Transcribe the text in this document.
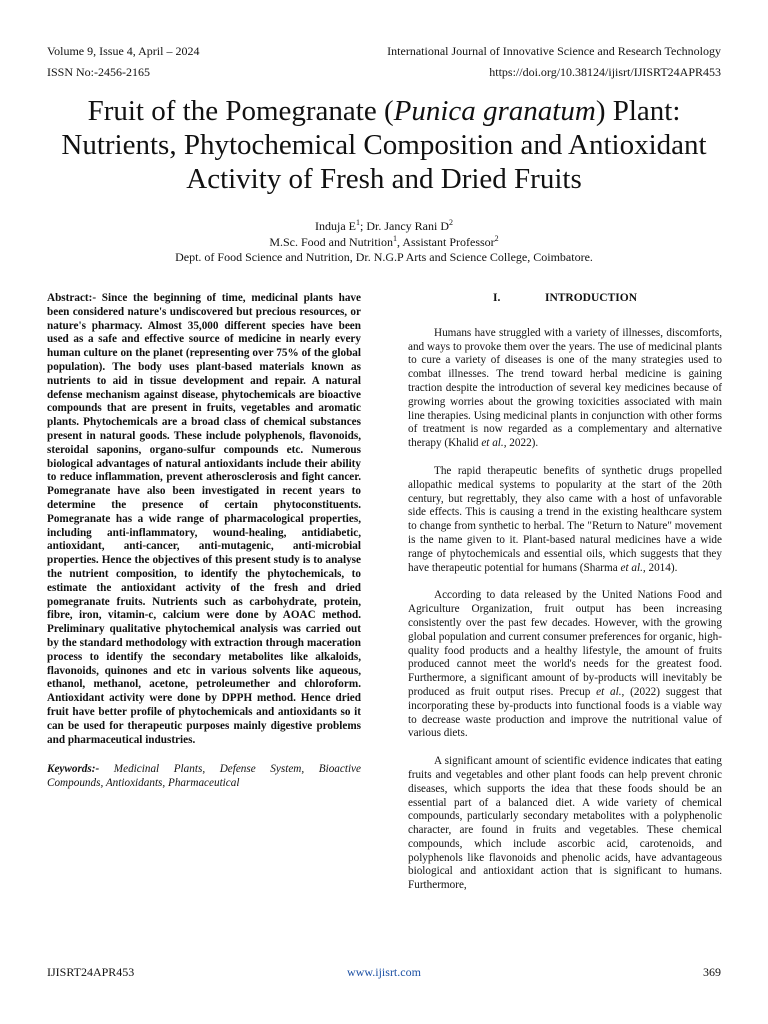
Volume 9, Issue 4, April – 2024	International Journal of Innovative Science and Research Technology
ISSN No:-2456-2165	https://doi.org/10.38124/ijisrt/IJISRT24APR453
Fruit of the Pomegranate (Punica granatum) Plant: Nutrients, Phytochemical Composition and Antioxidant Activity of Fresh and Dried Fruits
Induja $E^1$; Dr. Jancy Rani $D^2$
M.Sc. Food and Nutrition$^1$, Assistant Professor$^2$
Dept. of Food Science and Nutrition, Dr. N.G.P Arts and Science College, Coimbatore.

Abstract:- Since the beginning of time, medicinal plants have been considered nature's undiscovered but precious resources, or nature's pharmacy. Almost 35,000 different species have been used as a safe and effective source of medicine in nearly every human culture on the planet (representing over 75% of the global population). The body uses plant-based materials known as nutrients to aid in tissue development and repair. A natural defense mechanism against disease, phytochemicals are bioactive compounds that are present in fruits, vegetables and aromatic plants. Phytochemicals are a broad class of chemical substances present in natural goods. These include polyphenols, flavonoids, steroidal saponins, organo-sulfur compounds etc. Numerous biological advantages of natural antioxidants include their ability to reduce inflammation, prevent atherosclerosis and fight cancer. Pomegranate have also been investigated in recent years to determine the presence of certain phytoconstituents. Pomegranate has a wide range of pharmacological properties, including anti-inflammatory, wound-healing, antidiabetic, antioxidant, anti-cancer, anti-mutagenic, anti-microbial properties. Hence the objectives of this present study is to analyse the nutrient composition, to identify the phytochemicals, to estimate the antioxidant activity of the fresh and dried pomegranate fruits. Nutrients such as carbohydrate, protein, fibre, iron, vitamin-c, calcium were done by AOAC method. Preliminary qualitative phytochemical analysis was carried out by the standard methodology with extraction through maceration process to identify the secondary metabolites like alkaloids, flavonoids, quinones and etc in various solvents like aqueous, ethanol, methanol, acetone, petroleumether and chloroform. Antioxidant activity were done by DPPH method. Hence dried fruit have better profile of phytochemicals and antioxidants so it can be used for therapeutic purposes mainly digestive problems and pharmaceutical industries.

Keywords:- Medicinal Plants, Defense System, Bioactive Compounds, Antioxidants, Pharmaceutical

I.	INTRODUCTION

Humans have struggled with a variety of illnesses, discomforts, and ways to provoke them over the years. The use of medicinal plants to cure a variety of diseases is one of the many strategies used to combat illnesses. The trend toward herbal medicine is gaining traction despite the introduction of several key medicines because of growing worries about the growing toxicities associated with main line therapies. Using medicinal plants in conjunction with other forms of treatment is now regarded as a complementary and alternative therapy (Khalid et al., 2022).

The rapid therapeutic benefits of synthetic drugs propelled allopathic medical systems to popularity at the start of the 20th century, but regrettably, they also came with a host of unfavorable side effects. This is causing a trend in the existing healthcare system to change from synthetic to herbal. The "Return to Nature" movement is the name given to it. Plant-based natural medicines have a wide range of phytochemicals and essential oils, which suggests that they have therapeutic potential for humans (Sharma et al., 2014).

According to data released by the United Nations Food and Agriculture Organization, fruit output has been increasing consistently over the past few decades. However, with the growing global population and current consumer preferences for organic, high-quality food products and a healthy lifestyle, the amount of fruits produced cannot meet the world's needs for the greatest food. Furthermore, a significant amount of by-products will inevitably be produced as fruit output rises. Precup et al., (2022) suggest that incorporating these by-products into functional foods is a viable way to decrease waste production and improve the nutritional value of various diets.

A significant amount of scientific evidence indicates that eating fruits and vegetables and other plant foods can help prevent chronic diseases, which supports the idea that these foods should be an essential part of a balanced diet. A wide variety of chemical compounds, particularly secondary metabolites with a polyphenolic character, are found in fruits and vegetables. These chemical compounds, which include ascorbic acid, carotenoids, and polyphenols like flavonoids and phenolic acids, have advantageous biological and antioxidant action that is significant to humans. Furthermore,

IJISRT24APR453	www.ijisrt.com	369
